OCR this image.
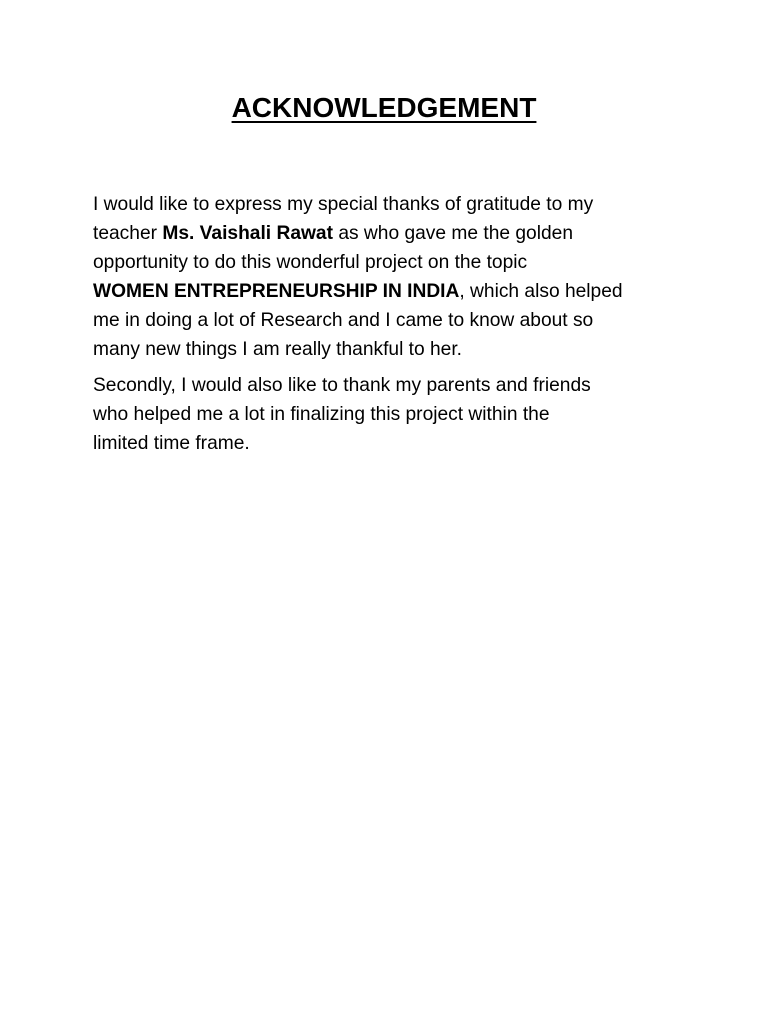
ACKNOWLEDGEMENT

I would like to express my special thanks of gratitude to my
teacher Ms. Vaishali Rawat as who gave me the golden
opportunity to do this wonderful project on the topic
WOMEN ENTREPRENEURSHIP IN INDIA, which also helped
me in doing a lot of Research and I came to know about so
many new things I am really thankful to her.

Secondly, I would also like to thank my parents and friends
who helped me a lot in finalizing this project within the
limited time frame.
